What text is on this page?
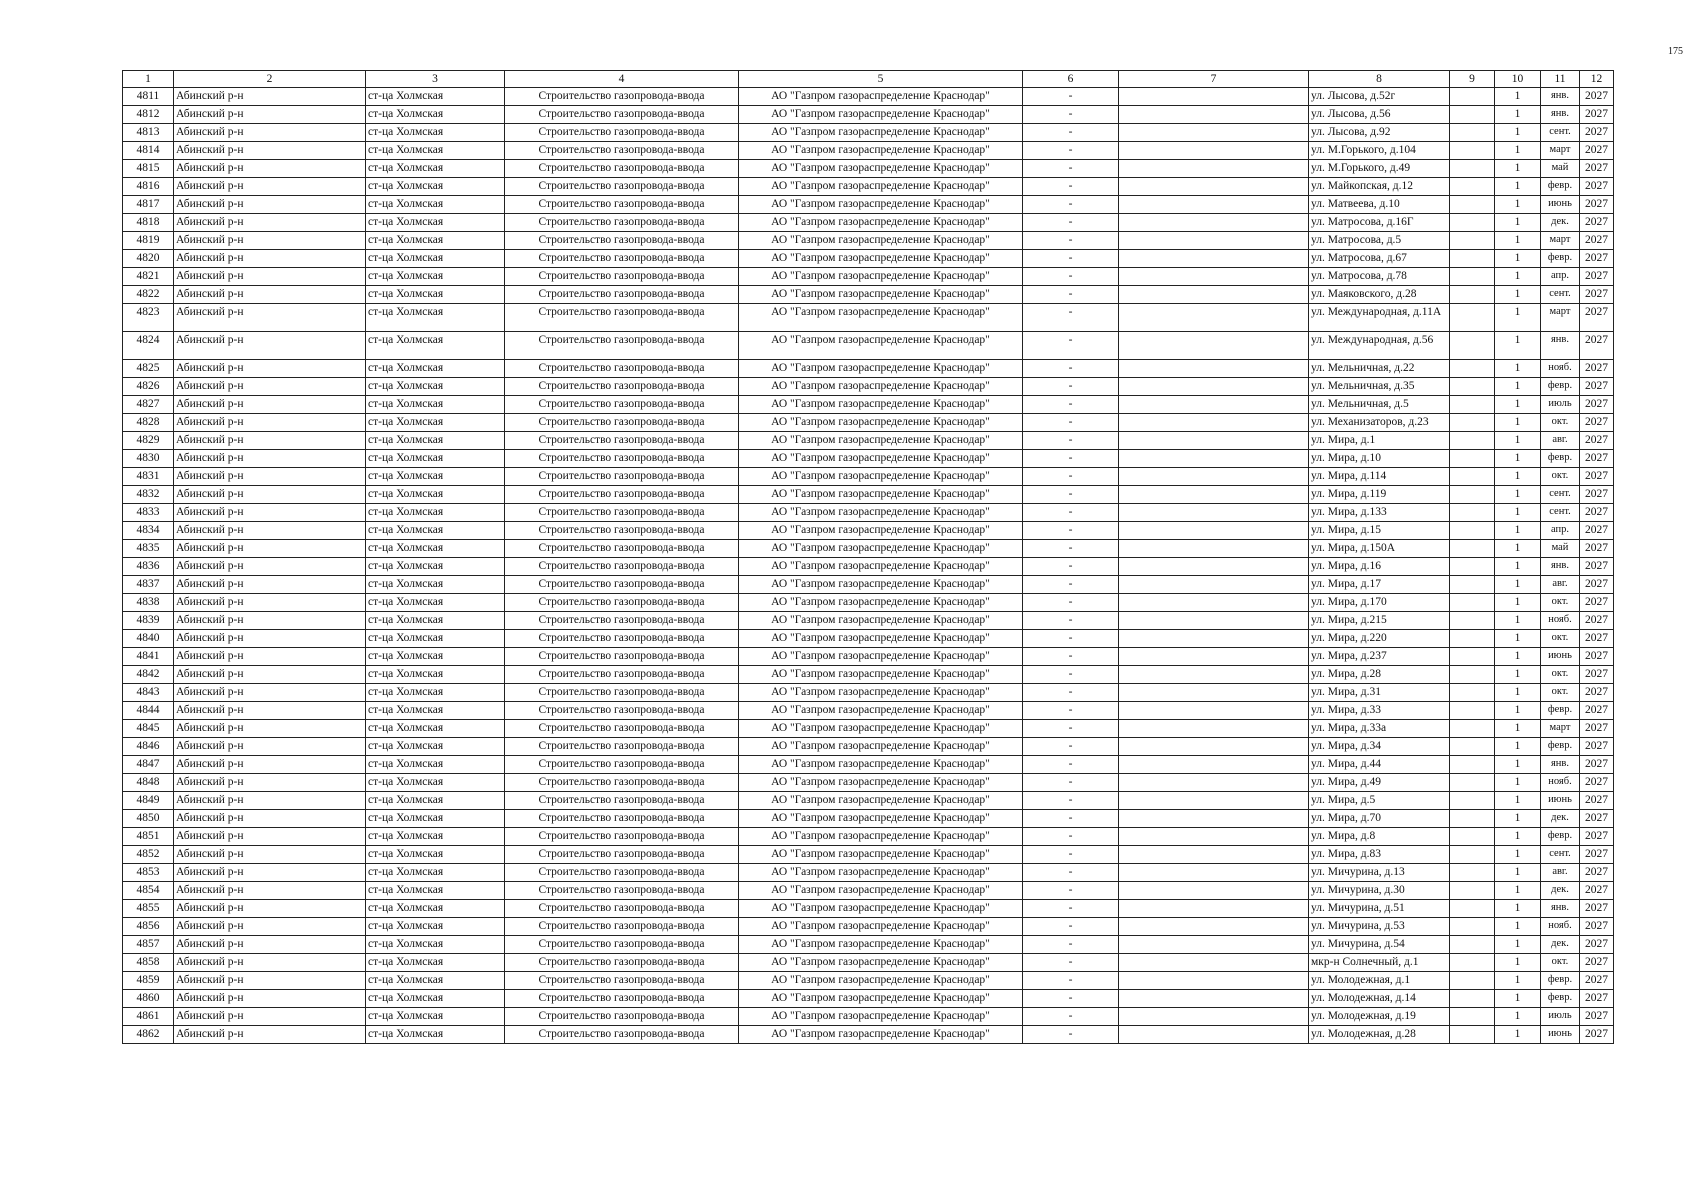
175
1	2	3	4	5	6	7	8	9	10	11	12
4811	Абинский р-н	ст-ца Холмская	Строительство газопровода-ввода	АО "Газпром газораспределение Краснодар"	-		ул. Лысова, д.52г		1	янв.	2027
4812	Абинский р-н	ст-ца Холмская	Строительство газопровода-ввода	АО "Газпром газораспределение Краснодар"	-		ул. Лысова, д.56		1	янв.	2027
4813	Абинский р-н	ст-ца Холмская	Строительство газопровода-ввода	АО "Газпром газораспределение Краснодар"	-		ул. Лысова, д.92		1	сент.	2027
4814	Абинский р-н	ст-ца Холмская	Строительство газопровода-ввода	АО "Газпром газораспределение Краснодар"	-		ул. М.Горького, д.104		1	март	2027
4815	Абинский р-н	ст-ца Холмская	Строительство газопровода-ввода	АО "Газпром газораспределение Краснодар"	-		ул. М.Горького, д.49		1	май	2027
4816	Абинский р-н	ст-ца Холмская	Строительство газопровода-ввода	АО "Газпром газораспределение Краснодар"	-		ул. Майкопская, д.12		1	февр.	2027
4817	Абинский р-н	ст-ца Холмская	Строительство газопровода-ввода	АО "Газпром газораспределение Краснодар"	-		ул. Матвеева, д.10		1	июнь	2027
4818	Абинский р-н	ст-ца Холмская	Строительство газопровода-ввода	АО "Газпром газораспределение Краснодар"	-		ул. Матросова, д.16Г		1	дек.	2027
4819	Абинский р-н	ст-ца Холмская	Строительство газопровода-ввода	АО "Газпром газораспределение Краснодар"	-		ул. Матросова, д.5		1	март	2027
4820	Абинский р-н	ст-ца Холмская	Строительство газопровода-ввода	АО "Газпром газораспределение Краснодар"	-		ул. Матросова, д.67		1	февр.	2027
4821	Абинский р-н	ст-ца Холмская	Строительство газопровода-ввода	АО "Газпром газораспределение Краснодар"	-		ул. Матросова, д.78		1	апр.	2027
4822	Абинский р-н	ст-ца Холмская	Строительство газопровода-ввода	АО "Газпром газораспределение Краснодар"	-		ул. Маяковского, д.28		1	сент.	2027
4823	Абинский р-н	ст-ца Холмская	Строительство газопровода-ввода	АО "Газпром газораспределение Краснодар"	-		ул. Международная, д.11А		1	март	2027
4824	Абинский р-н	ст-ца Холмская	Строительство газопровода-ввода	АО "Газпром газораспределение Краснодар"	-		ул. Международная, д.56		1	янв.	2027
4825	Абинский р-н	ст-ца Холмская	Строительство газопровода-ввода	АО "Газпром газораспределение Краснодар"	-		ул. Мельничная, д.22		1	нояб.	2027
4826	Абинский р-н	ст-ца Холмская	Строительство газопровода-ввода	АО "Газпром газораспределение Краснодар"	-		ул. Мельничная, д.35		1	февр.	2027
4827	Абинский р-н	ст-ца Холмская	Строительство газопровода-ввода	АО "Газпром газораспределение Краснодар"	-		ул. Мельничная, д.5		1	июль	2027
4828	Абинский р-н	ст-ца Холмская	Строительство газопровода-ввода	АО "Газпром газораспределение Краснодар"	-		ул. Механизаторов, д.23		1	окт.	2027
4829	Абинский р-н	ст-ца Холмская	Строительство газопровода-ввода	АО "Газпром газораспределение Краснодар"	-		ул. Мира, д.1		1	авг.	2027
4830	Абинский р-н	ст-ца Холмская	Строительство газопровода-ввода	АО "Газпром газораспределение Краснодар"	-		ул. Мира, д.10		1	февр.	2027
4831	Абинский р-н	ст-ца Холмская	Строительство газопровода-ввода	АО "Газпром газораспределение Краснодар"	-		ул. Мира, д.114		1	окт.	2027
4832	Абинский р-н	ст-ца Холмская	Строительство газопровода-ввода	АО "Газпром газораспределение Краснодар"	-		ул. Мира, д.119		1	сент.	2027
4833	Абинский р-н	ст-ца Холмская	Строительство газопровода-ввода	АО "Газпром газораспределение Краснодар"	-		ул. Мира, д.133		1	сент.	2027
4834	Абинский р-н	ст-ца Холмская	Строительство газопровода-ввода	АО "Газпром газораспределение Краснодар"	-		ул. Мира, д.15		1	апр.	2027
4835	Абинский р-н	ст-ца Холмская	Строительство газопровода-ввода	АО "Газпром газораспределение Краснодар"	-		ул. Мира, д.150А		1	май	2027
4836	Абинский р-н	ст-ца Холмская	Строительство газопровода-ввода	АО "Газпром газораспределение Краснодар"	-		ул. Мира, д.16		1	янв.	2027
4837	Абинский р-н	ст-ца Холмская	Строительство газопровода-ввода	АО "Газпром газораспределение Краснодар"	-		ул. Мира, д.17		1	авг.	2027
4838	Абинский р-н	ст-ца Холмская	Строительство газопровода-ввода	АО "Газпром газораспределение Краснодар"	-		ул. Мира, д.170		1	окт.	2027
4839	Абинский р-н	ст-ца Холмская	Строительство газопровода-ввода	АО "Газпром газораспределение Краснодар"	-		ул. Мира, д.215		1	нояб.	2027
4840	Абинский р-н	ст-ца Холмская	Строительство газопровода-ввода	АО "Газпром газораспределение Краснодар"	-		ул. Мира, д.220		1	окт.	2027
4841	Абинский р-н	ст-ца Холмская	Строительство газопровода-ввода	АО "Газпром газораспределение Краснодар"	-		ул. Мира, д.237		1	июнь	2027
4842	Абинский р-н	ст-ца Холмская	Строительство газопровода-ввода	АО "Газпром газораспределение Краснодар"	-		ул. Мира, д.28		1	окт.	2027
4843	Абинский р-н	ст-ца Холмская	Строительство газопровода-ввода	АО "Газпром газораспределение Краснодар"	-		ул. Мира, д.31		1	окт.	2027
4844	Абинский р-н	ст-ца Холмская	Строительство газопровода-ввода	АО "Газпром газораспределение Краснодар"	-		ул. Мира, д.33		1	февр.	2027
4845	Абинский р-н	ст-ца Холмская	Строительство газопровода-ввода	АО "Газпром газораспределение Краснодар"	-		ул. Мира, д.33а		1	март	2027
4846	Абинский р-н	ст-ца Холмская	Строительство газопровода-ввода	АО "Газпром газораспределение Краснодар"	-		ул. Мира, д.34		1	февр.	2027
4847	Абинский р-н	ст-ца Холмская	Строительство газопровода-ввода	АО "Газпром газораспределение Краснодар"	-		ул. Мира, д.44		1	янв.	2027
4848	Абинский р-н	ст-ца Холмская	Строительство газопровода-ввода	АО "Газпром газораспределение Краснодар"	-		ул. Мира, д.49		1	нояб.	2027
4849	Абинский р-н	ст-ца Холмская	Строительство газопровода-ввода	АО "Газпром газораспределение Краснодар"	-		ул. Мира, д.5		1	июнь	2027
4850	Абинский р-н	ст-ца Холмская	Строительство газопровода-ввода	АО "Газпром газораспределение Краснодар"	-		ул. Мира, д.70		1	дек.	2027
4851	Абинский р-н	ст-ца Холмская	Строительство газопровода-ввода	АО "Газпром газораспределение Краснодар"	-		ул. Мира, д.8		1	февр.	2027
4852	Абинский р-н	ст-ца Холмская	Строительство газопровода-ввода	АО "Газпром газораспределение Краснодар"	-		ул. Мира, д.83		1	сент.	2027
4853	Абинский р-н	ст-ца Холмская	Строительство газопровода-ввода	АО "Газпром газораспределение Краснодар"	-		ул. Мичурина, д.13		1	авг.	2027
4854	Абинский р-н	ст-ца Холмская	Строительство газопровода-ввода	АО "Газпром газораспределение Краснодар"	-		ул. Мичурина, д.30		1	дек.	2027
4855	Абинский р-н	ст-ца Холмская	Строительство газопровода-ввода	АО "Газпром газораспределение Краснодар"	-		ул. Мичурина, д.51		1	янв.	2027
4856	Абинский р-н	ст-ца Холмская	Строительство газопровода-ввода	АО "Газпром газораспределение Краснодар"	-		ул. Мичурина, д.53		1	нояб.	2027
4857	Абинский р-н	ст-ца Холмская	Строительство газопровода-ввода	АО "Газпром газораспределение Краснодар"	-		ул. Мичурина, д.54		1	дек.	2027
4858	Абинский р-н	ст-ца Холмская	Строительство газопровода-ввода	АО "Газпром газораспределение Краснодар"	-		мкр-н Солнечный, д.1		1	окт.	2027
4859	Абинский р-н	ст-ца Холмская	Строительство газопровода-ввода	АО "Газпром газораспределение Краснодар"	-		ул. Молодежная, д.1		1	февр.	2027
4860	Абинский р-н	ст-ца Холмская	Строительство газопровода-ввода	АО "Газпром газораспределение Краснодар"	-		ул. Молодежная, д.14		1	февр.	2027
4861	Абинский р-н	ст-ца Холмская	Строительство газопровода-ввода	АО "Газпром газораспределение Краснодар"	-		ул. Молодежная, д.19		1	июль	2027
4862	Абинский р-н	ст-ца Холмская	Строительство газопровода-ввода	АО "Газпром газораспределение Краснодар"	-		ул. Молодежная, д.28		1	июнь	2027
